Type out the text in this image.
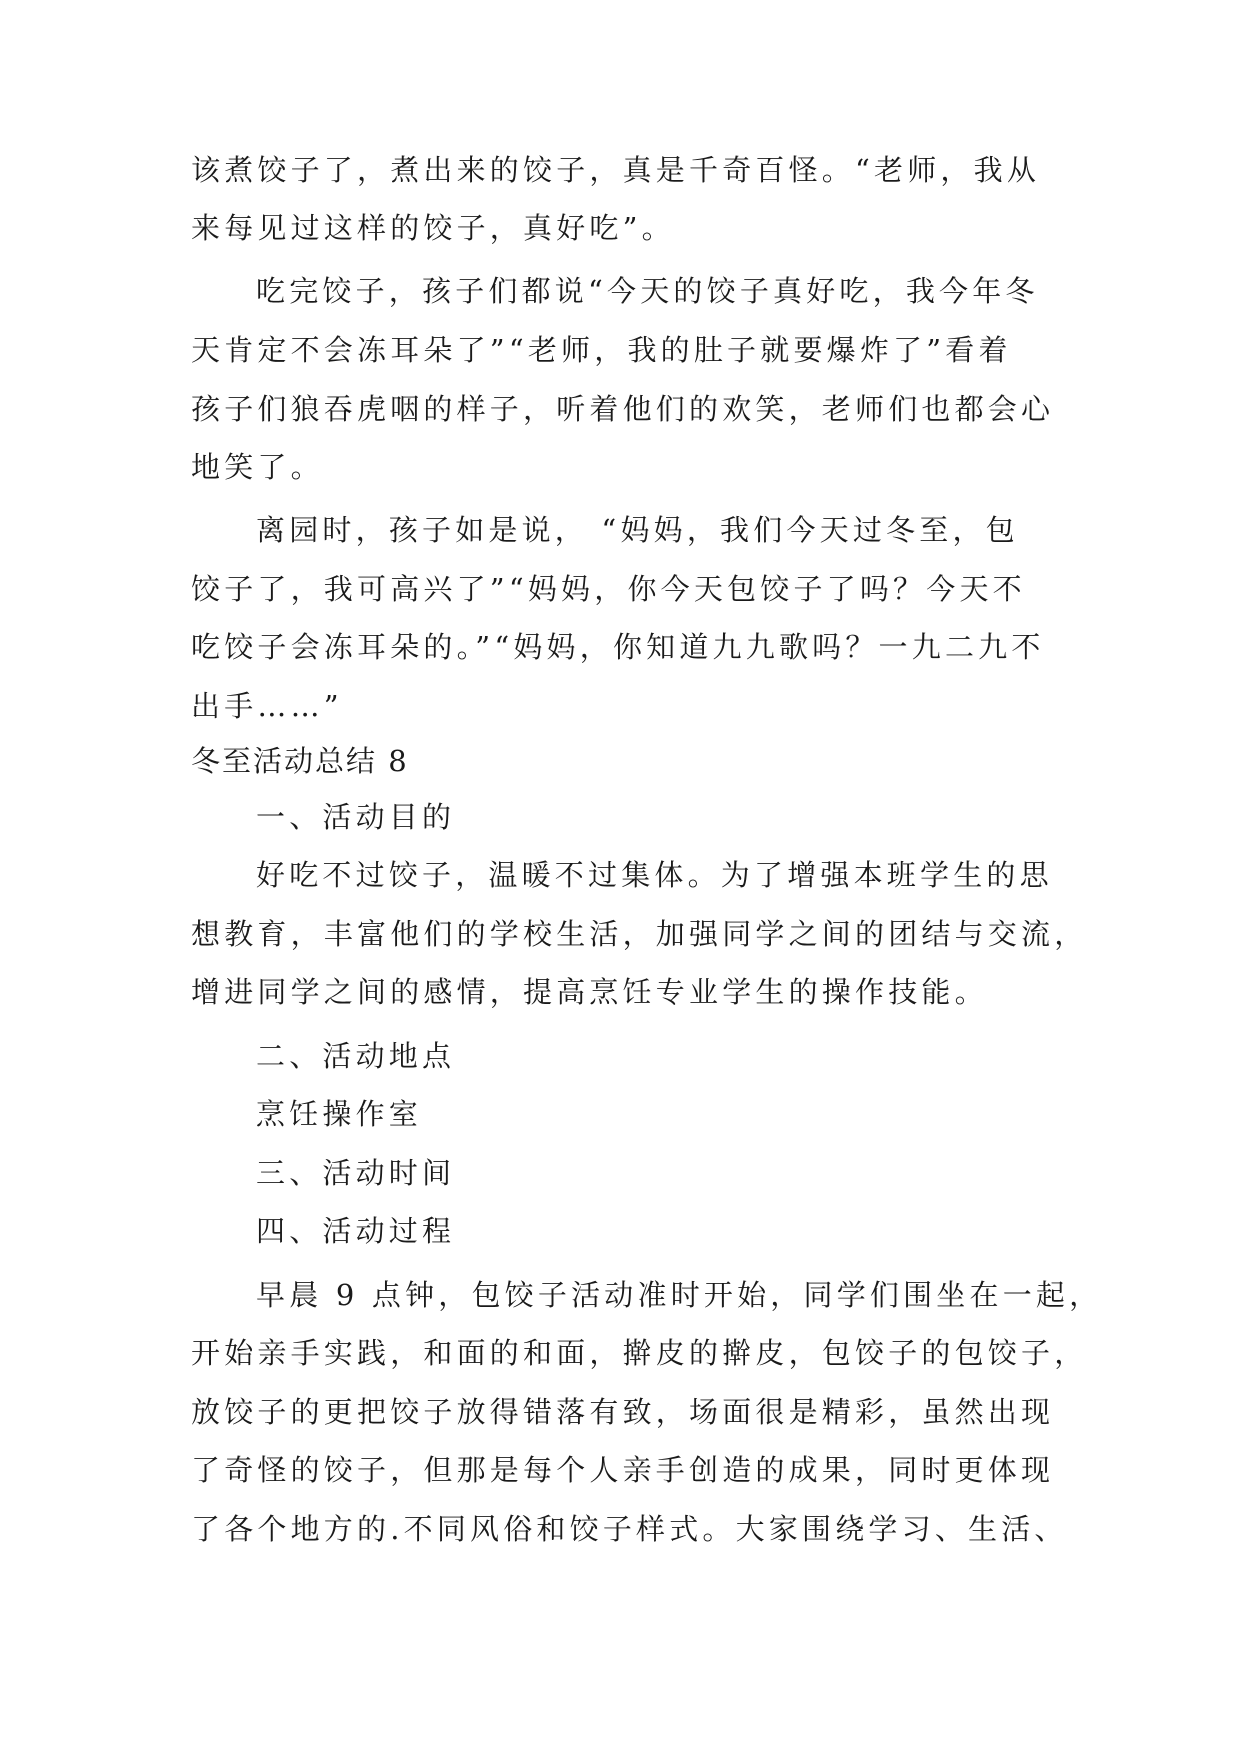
该煮饺子了，煮出来的饺子，真是千奇百怪。“老师，我从
来每见过这样的饺子，真好吃”。
吃完饺子，孩子们都说“今天的饺子真好吃，我今年冬
天肯定不会冻耳朵了”“老师，我的肚子就要爆炸了”看着
孩子们狼吞虎咽的样子，听着他们的欢笑，老师们也都会心
地笑了。
离园时，孩子如是说， “妈妈，我们今天过冬至，包
饺子了，我可高兴了”“妈妈，你今天包饺子了吗？今天不
吃饺子会冻耳朵的。”“妈妈，你知道九九歌吗？一九二九不
出手……”
冬至活动总结 8
一、活动目的
好吃不过饺子，温暖不过集体。为了增强本班学生的思
想教育，丰富他们的学校生活，加强同学之间的团结与交流，
增进同学之间的感情，提高烹饪专业学生的操作技能。
二、活动地点
烹饪操作室
三、活动时间
四、活动过程
早晨 9 点钟，包饺子活动准时开始，同学们围坐在一起，
开始亲手实践，和面的和面，擀皮的擀皮，包饺子的包饺子，
放饺子的更把饺子放得错落有致，场面很是精彩，虽然出现
了奇怪的饺子，但那是每个人亲手创造的成果，同时更体现
了各个地方的.不同风俗和饺子样式。大家围绕学习、生活、
